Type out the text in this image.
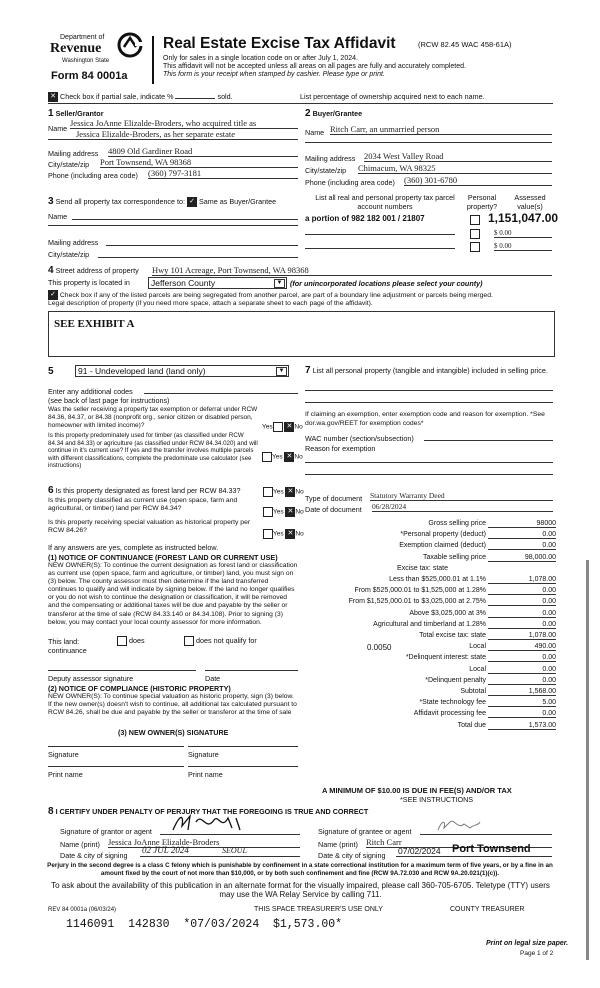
Department of
Revenue
Washington State
Form 84 0001a
Real Estate Excise Tax Affidavit	(RCW 82.45 WAC 458-61A)
Only for sales in a single location code on or after July 1, 2024.
This affidavit will not be accepted unless all areas on all pages are fully and accurately completed.
This form is your receipt when stamped by cashier. Please type or print.
✕ Check box if partial sale, indicate %	sold.	List percentage of ownership acquired next to each name.
1 Seller/Grantor
Name
Jessica JoAnne Elizalde-Broders, who acquired title as
Jessica Elizalde-Broders, as her separate estate
Mailing address 4809 Old Gardiner Road
City/state/zip Port Townsend, WA 98368
Phone (including area code) (360) 797-3181
2 Buyer/Grantee
Name Ritch Carr, an unmarried person
Mailing address 2034 West Valley Road
City/state/zip Chimacum, WA 98325
Phone (including area code) (360) 301-6780
3 Send all property tax correspondence to: ✓ Same as Buyer/Grantee
Name
Mailing address
City/state/zip
List all real and personal property tax parcel account numbers
Personal property?
Assessed value(s)
a portion of 982 182 001 / 21807	1,151,047.00
$ 0.00
$ 0.00
4 Street address of property	Hwy 101 Acreage, Port Townsend, WA 98368
This property is located in Jefferson County	▼	(for unincorporated locations please select your county)
✓ Check box if any of the listed parcels are being segregated from another parcel, are part of a boundary line adjustment or parcels being merged.
Legal description of property (if you need more space, attach a separate sheet to each page of the affidavit).
SEE EXHIBIT A
5	91 - Undeveloped land (land only)	▼
Enter any additional codes
(see back of last page for instructions)
Was the seller receiving a property tax exemption or deferral under RCW 84.36, 84.37, or 84.38 (nonprofit org., senior citizen or disabled person, homeowner with limited income)?	Yes ✕ No
Is this property predominately used for timber (as classified under RCW 84.34 and 84.33) or agriculture (as classified under RCW 84.34.020) and will continue in it's current use? If yes and the transfer involves multiple parcels with different classifications, complete the predominate use calculator (see instructions)
Yes ✕ No
7 List all personal property (tangible and intangible) included in selling price.
If claiming an exemption, enter exemption code and reason for exemption. *See dor.wa.gov/REET for exemption codes*
WAC number (section/subsection)
Reason for exemption
Type of document Statutory Warranty Deed
Date of document 06/28/2024
6 Is this property designated as forest land per RCW 84.33?	Yes ✕ No
Is this property classified as current use (open space, farm and agricultural, or timber) land per RCW 84.34?
Yes ✕ No
Is this property receiving special valuation as historical property per RCW 84.26?
Yes ✕ No
If any answers are yes, complete as instructed below.
(1) NOTICE OF CONTINUANCE (FOREST LAND OR CURRENT USE)
NEW OWNER(S): To continue the current designation as forest land or classification as current use (open space, farm and agriculture, or timber) land, you must sign on (3) below. The county assessor must then determine if the land transferred continues to qualify and will indicate by signing below. If the land no longer qualifies or you do not wish to continue the designation or classification, it will be removed and the compensating or additional taxes will be due and payable by the seller or transferor at the time of sale (RCW 84.33.140 or 84.34.108). Prior to signing (3) below, you may contact your local county assessor for more information.
This land:	does	does not qualify for
continuance
Deputy assessor signature	Date
(2) NOTICE OF COMPLIANCE (HISTORIC PROPERTY)
NEW OWNER(S): To continue special valuation as historic property, sign (3) below. If the new owner(s) doesn't wish to continue, all additional tax calculated pursuant to RCW 84.26, shall be due and payable by the seller or transferor at the time of sale
(3) NEW OWNER(S) SIGNATURE
Signature	Signature
Print name	Print name
Gross selling price	98000
*Personal property (deduct)	0.00
Exemption claimed (deduct)	0.00
Taxable selling price	98,000.00
Excise tax: state
Less than $525,000.01 at 1.1%	1,078.00
From $525,000.01 to $1,525,000 at 1.28%	0.00
From $1,525,000.01 to $3,025,000 at 2.75%	0.00
Above $3,025,000 at 3%	0.00
Agricultural and timberland at 1.28%	0.00
Total excise tax: state	1,078.00
0.0050	Local	490.00
*Delinquent interest: state	0.00
Local	0.00
*Delinquent penalty	0.00
Subtotal	1,568.00
*State technology fee	5.00
Affidavit processing fee	0.00
Total due	1,573.00
A MINIMUM OF $10.00 IS DUE IN FEE(S) AND/OR TAX
*SEE INSTRUCTIONS
8 I CERTIFY UNDER PENALTY OF PERJURY THAT THE FOREGOING IS TRUE AND CORRECT
Signature of grantor or agent
Name (print) Jessica JoAnne Elizalde-Broders
Date & city of signing
02 JUL 2024	SEOUL
Signature of grantee or agent
Name (print) Ritch Carr
Date & city of signing 07/02/2024 Port Townsend
Perjury in the second degree is a class C felony which is punishable by confinement in a state correctional institution for a maximum term of five years, or by a fine in an amount fixed by the court of not more than $10,000, or by both such confinement and fine (RCW 9A.72.030 and RCW 9A.20.021(1)(c)).
To ask about the availability of this publication in an alternate format for the visually impaired, please call 360-705-6705. Teletype (TTY) users may use the WA Relay Service by calling 711.
REV 84 0001a (06/03/24)	THIS SPACE TREASURER'S USE ONLY	COUNTY TREASURER
1146091  142830  *07/03/2024  $1,573.00*
Print on legal size paper.
Page 1 of 2
